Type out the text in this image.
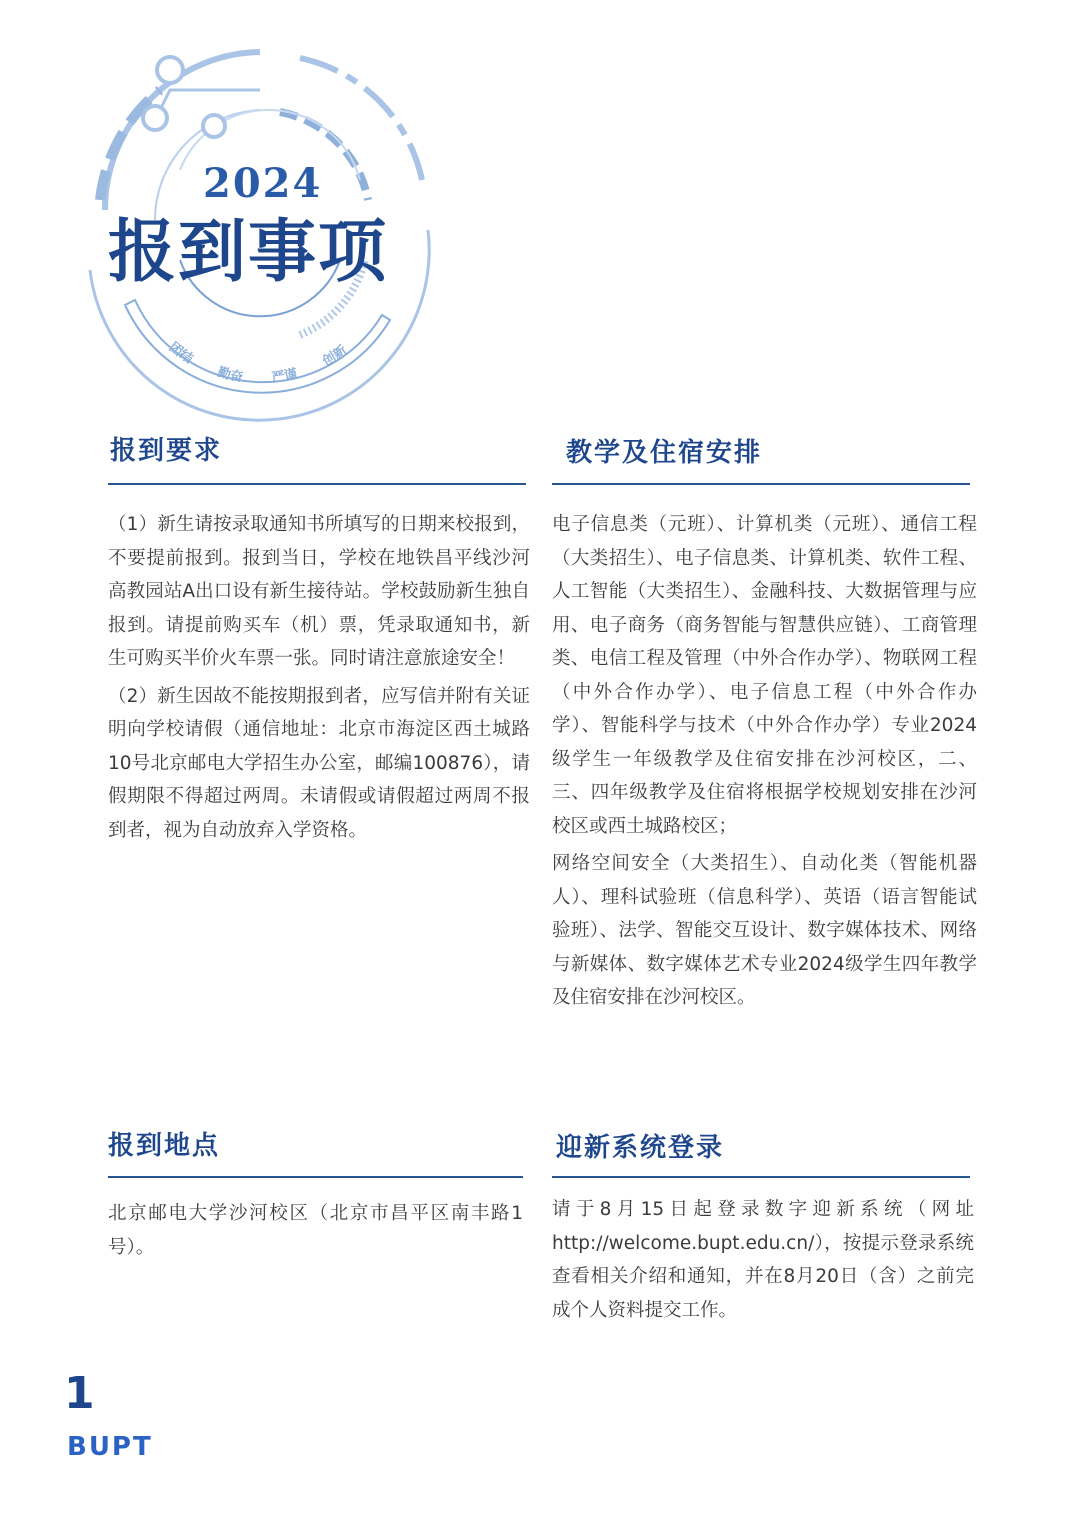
团结勤奋 严谨创新
2024
报到事项
报到要求

（1）新生请按录取通知书所填写的日期来校报到，不要提前报到。报到当日，学校在地铁昌平线沙河高教园站A出口设有新生接待站。学校鼓励新生独自报到。请提前购买车（机）票，凭录取通知书，新生可购买半价火车票一张。同时请注意旅途安全！

（2）新生因故不能按期报到者，应写信并附有关证明向学校请假（通信地址：北京市海淀区西土城路10号北京邮电大学招生办公室，邮编100876），请假期限不得超过两周。未请假或请假超过两周不报到者，视为自动放弃入学资格。

教学及住宿安排

电子信息类（元班）、计算机类（元班）、通信工程（大类招生）、电子信息类、计算机类、软件工程、人工智能（大类招生）、金融科技、大数据管理与应用、电子商务（商务智能与智慧供应链）、工商管理类、电信工程及管理（中外合作办学）、物联网工程（中外合作办学）、电子信息工程（中外合作办学）、智能科学与技术（中外合作办学）专业2024级学生一年级教学及住宿安排在沙河校区，二、三、四年级教学及住宿将根据学校规划安排在沙河校区或西土城路校区；

网络空间安全（大类招生）、自动化类（智能机器人）、理科试验班（信息科学）、英语（语言智能试验班）、法学、智能交互设计、数字媒体技术、网络与新媒体、数字媒体艺术专业2024级学生四年教学及住宿安排在沙河校区。

报到地点

北京邮电大学沙河校区（北京市昌平区南丰路1号）。

迎新系统登录

请于8月15日起登录数字迎新系统（网址http://welcome.bupt.edu.cn/），按提示登录系统查看相关介绍和通知，并在8月20日（含）之前完成个人资料提交工作。

1
BUPT
